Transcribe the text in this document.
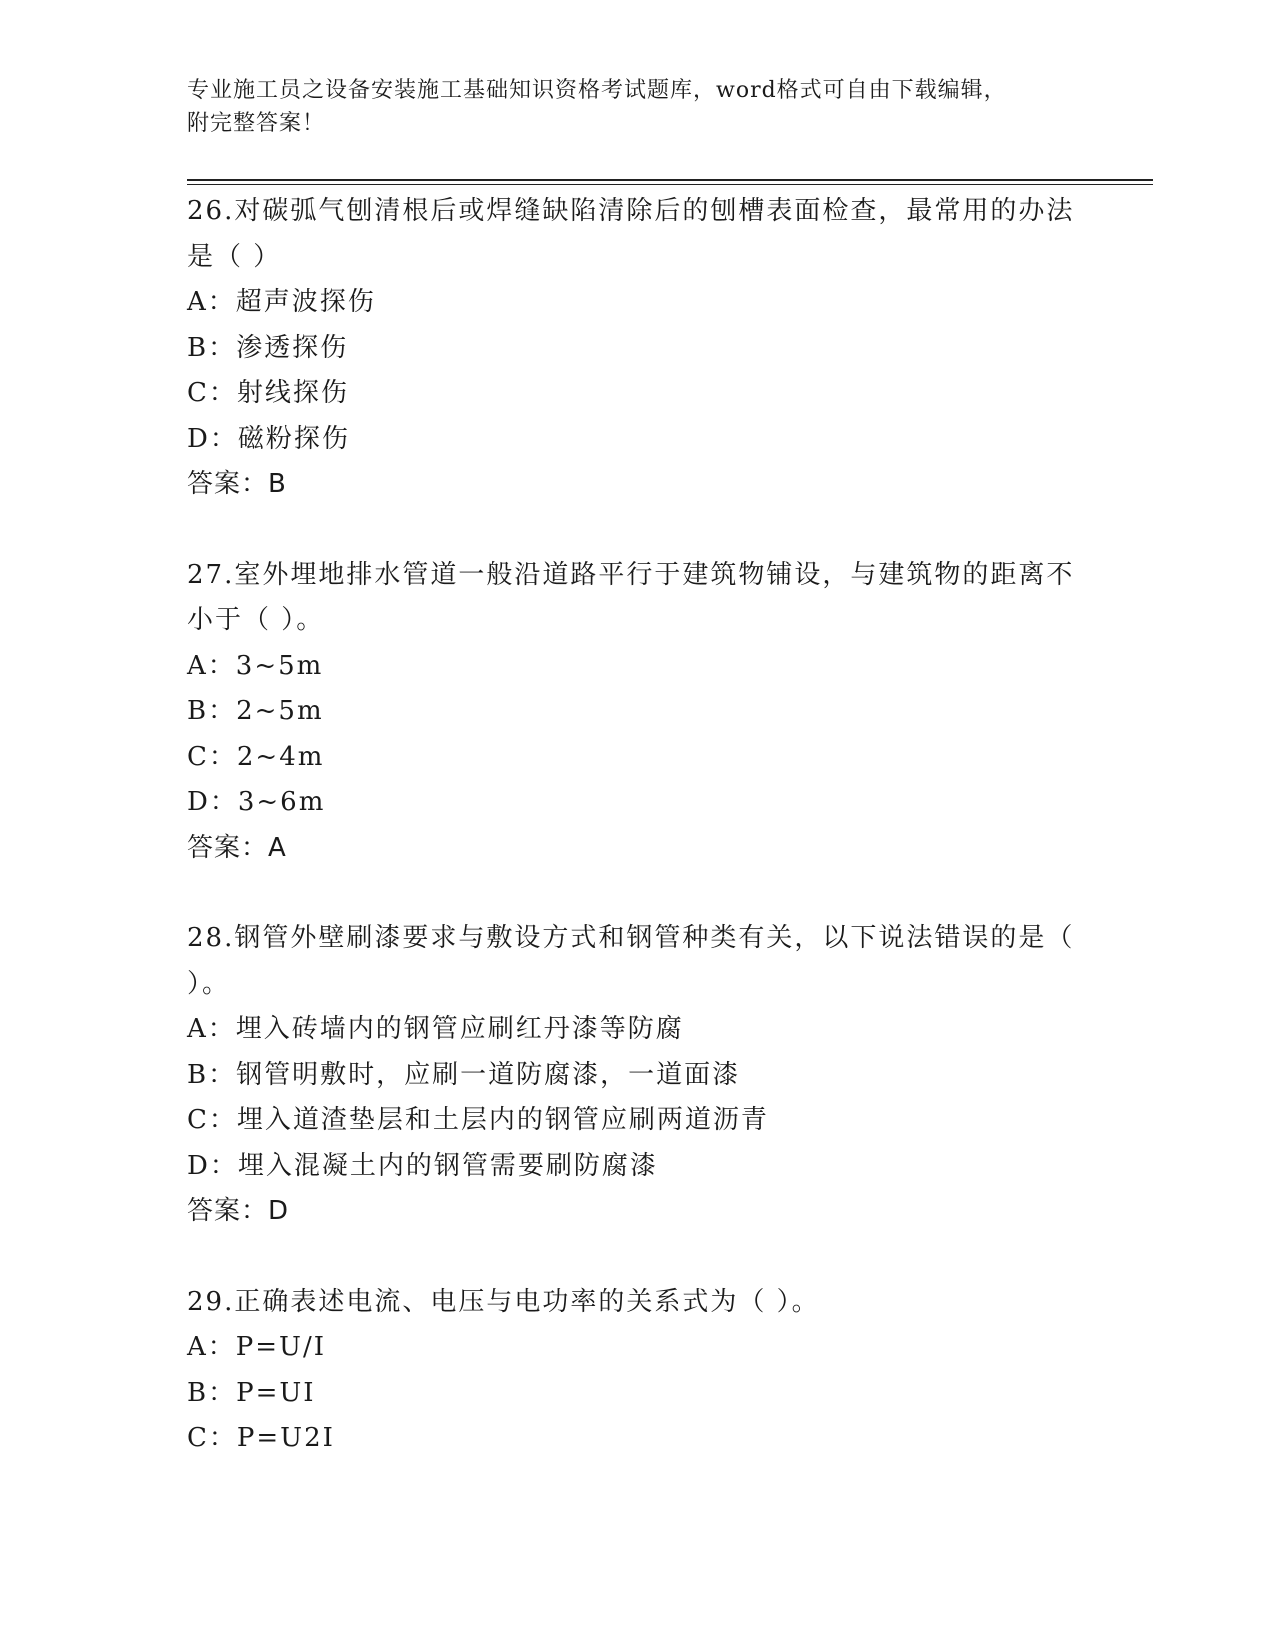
专业施工员之设备安装施工基础知识资格考试题库，word格式可自由下载编辑，
附完整答案！

26.对碳弧气刨清根后或焊缝缺陷清除后的刨槽表面检查，最常用的办法是（ ）

A：超声波探伤

B：渗透探伤

C：射线探伤

D：磁粉探伤

答案：B

27.室外埋地排水管道一般沿道路平行于建筑物铺设，与建筑物的距离不小于（ ）。

A：3~5m

B：2~5m

C：2~4m

D：3~6m

答案：A

28.钢管外壁刷漆要求与敷设方式和钢管种类有关，以下说法错误的是（ ）。

A：埋入砖墙内的钢管应刷红丹漆等防腐

B：钢管明敷时，应刷一道防腐漆，一道面漆

C：埋入道渣垫层和土层内的钢管应刷两道沥青

D：埋入混凝土内的钢管需要刷防腐漆

答案：D

29.正确表述电流、电压与电功率的关系式为（ ）。

A：P=U/I

B：P=UI

C：P=U2I
